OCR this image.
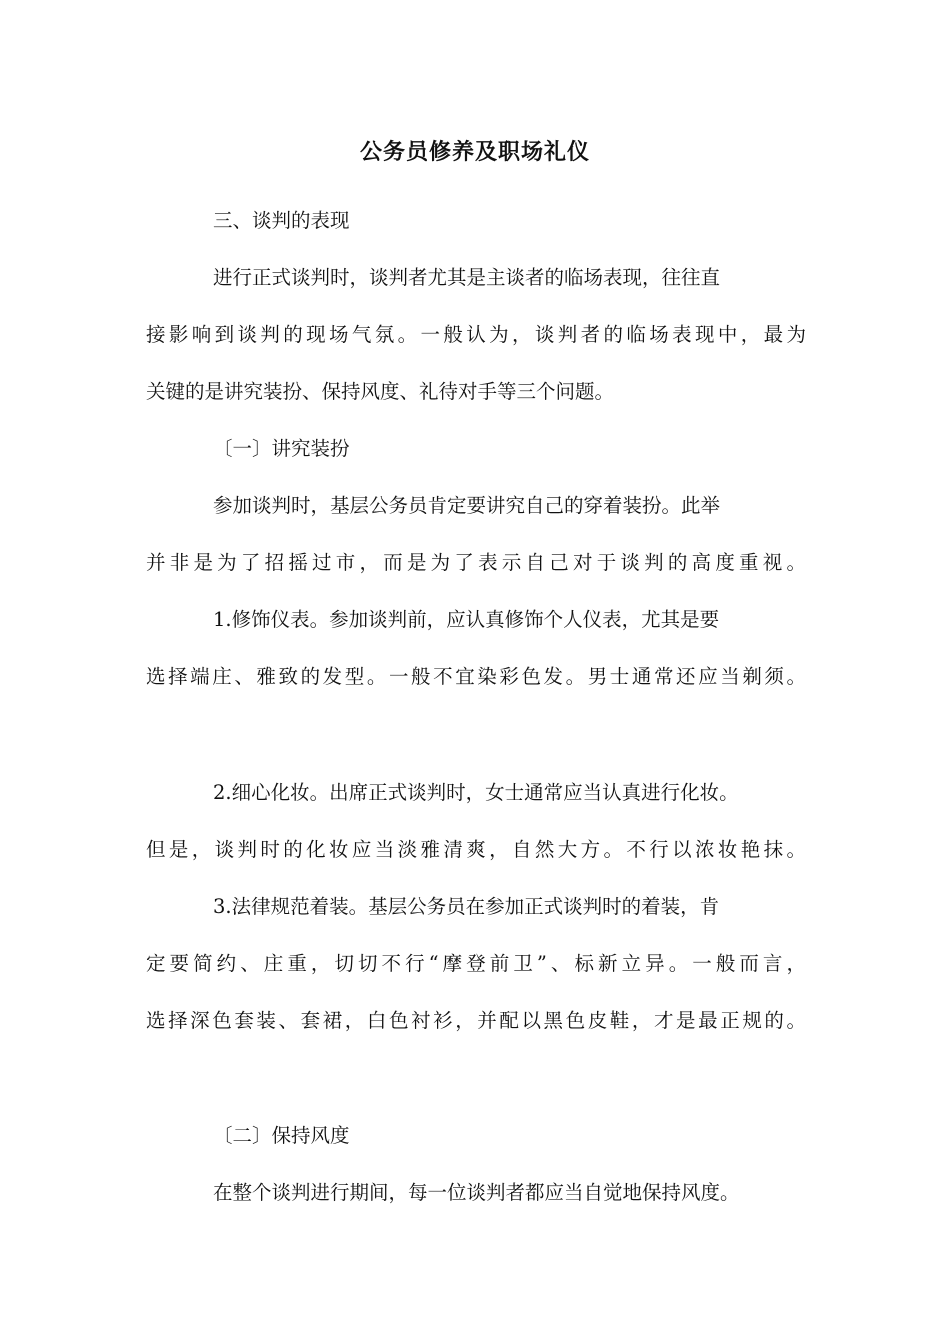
公务员修养及职场礼仪
三、谈判的表现
进行正式谈判时，谈判者尤其是主谈者的临场表现，往往直
接影响到谈判的现场气氛。一般认为，谈判者的临场表现中，最为
关键的是讲究装扮、保持风度、礼待对手等三个问题。
〔一〕讲究装扮
参加谈判时，基层公务员肯定要讲究自己的穿着装扮。此举
并非是为了招摇过市，而是为了表示自己对于谈判的高度重视。
1.修饰仪表。参加谈判前，应认真修饰个人仪表，尤其是要
选择端庄、雅致的发型。一般不宜染彩色发。男士通常还应当剃须。
2.细心化妆。出席正式谈判时，女士通常应当认真进行化妆。
但是，谈判时的化妆应当淡雅清爽，自然大方。不行以浓妆艳抹。
3.法律规范着装。基层公务员在参加正式谈判时的着装，肯
定要简约、庄重，切切不行“摩登前卫”、标新立异。一般而言，
选择深色套装、套裙，白色衬衫，并配以黑色皮鞋，才是最正规的。
〔二〕保持风度
在整个谈判进行期间，每一位谈判者都应当自觉地保持风度。
